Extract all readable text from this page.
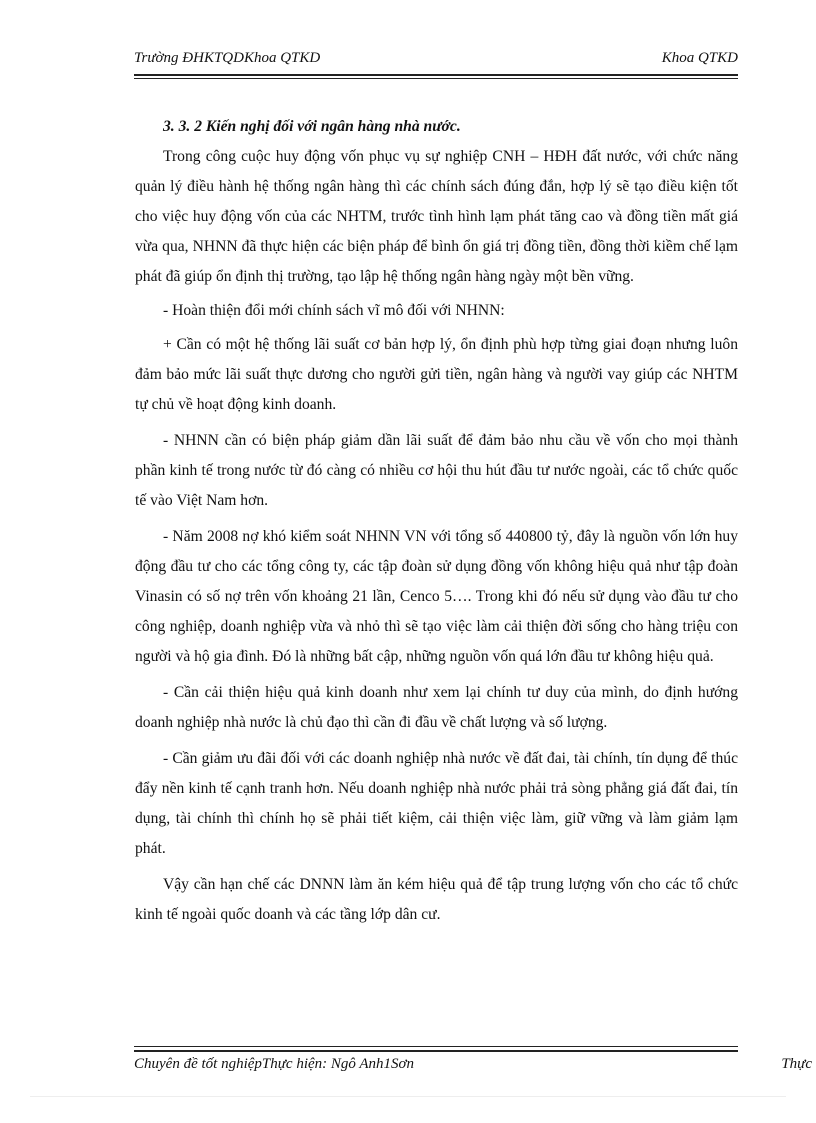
Trường ĐHKTQDKhoa QTKD	Khoa QTKD
3. 3. 2 Kiến nghị đối với ngân hàng nhà nước.

Trong công cuộc huy động vốn phục vụ sự nghiệp CNH – HĐH đất nước, với chức năng quản lý điều hành hệ thống ngân hàng thì các chính sách đúng đắn, hợp lý sẽ tạo điều kiện tốt cho việc huy động vốn của các NHTM, trước tình hình lạm phát tăng cao và đồng tiền mất giá vừa qua, NHNN đã thực hiện các biện pháp để bình ổn giá trị đồng tiền, đồng thời kiềm chế lạm phát đã giúp ổn định thị trường, tạo lập hệ thống ngân hàng ngày một bền vững.

- Hoàn thiện đổi mới chính sách vĩ mô đối với NHNN:

+ Cần có một hệ thống lãi suất cơ bản hợp lý, ổn định phù hợp từng giai đoạn nhưng luôn đảm bảo mức lãi suất thực dương cho người gửi tiền, ngân hàng và người vay giúp các NHTM tự chủ về hoạt động kinh doanh.

- NHNN cần có biện pháp giảm dần lãi suất để đảm bảo nhu cầu về vốn cho mọi thành phần kinh tế trong nước từ đó càng có nhiều cơ hội thu hút đầu tư nước ngoài, các tổ chức quốc tế vào Việt Nam hơn.

- Năm 2008 nợ khó kiểm soát NHNN VN với tổng số 440800 tỷ, đây là nguồn vốn lớn huy động đầu tư cho các tổng công ty, các tập đoàn sử dụng đồng vốn không hiệu quả như tập đoàn Vinasin có số nợ trên vốn khoảng 21 lần, Cenco 5…. Trong khi đó nếu sử dụng vào đầu tư cho công nghiệp, doanh nghiệp vừa và nhỏ thì sẽ tạo việc làm cải thiện đời sống cho hàng triệu con người và hộ gia đình. Đó là những bất cập, những nguồn vốn quá lớn đầu tư không hiệu quả.

- Cần cải thiện hiệu quả kinh doanh như xem lại chính tư duy của mình, do định hướng doanh nghiệp nhà nước là chủ đạo thì cần đi đầu về chất lượng và số lượng.

- Cần giảm ưu đãi đối với các doanh nghiệp nhà nước về đất đai, tài chính, tín dụng để thúc đẩy nền kinh tế cạnh tranh hơn. Nếu doanh nghiệp nhà nước phải trả sòng phẳng giá đất đai, tín dụng, tài chính thì chính họ sẽ phải tiết kiệm, cải thiện việc làm, giữ vững và làm giảm lạm phát.

Vậy cần hạn chế các DNNN làm ăn kém hiệu quả để tập trung lượng vốn cho các tổ chức kinh tế ngoài quốc doanh và các tầng lớp dân cư.

Chuyên đề tốt nghiệpThực hiện: Ngô Anh1Sơn	Thực
